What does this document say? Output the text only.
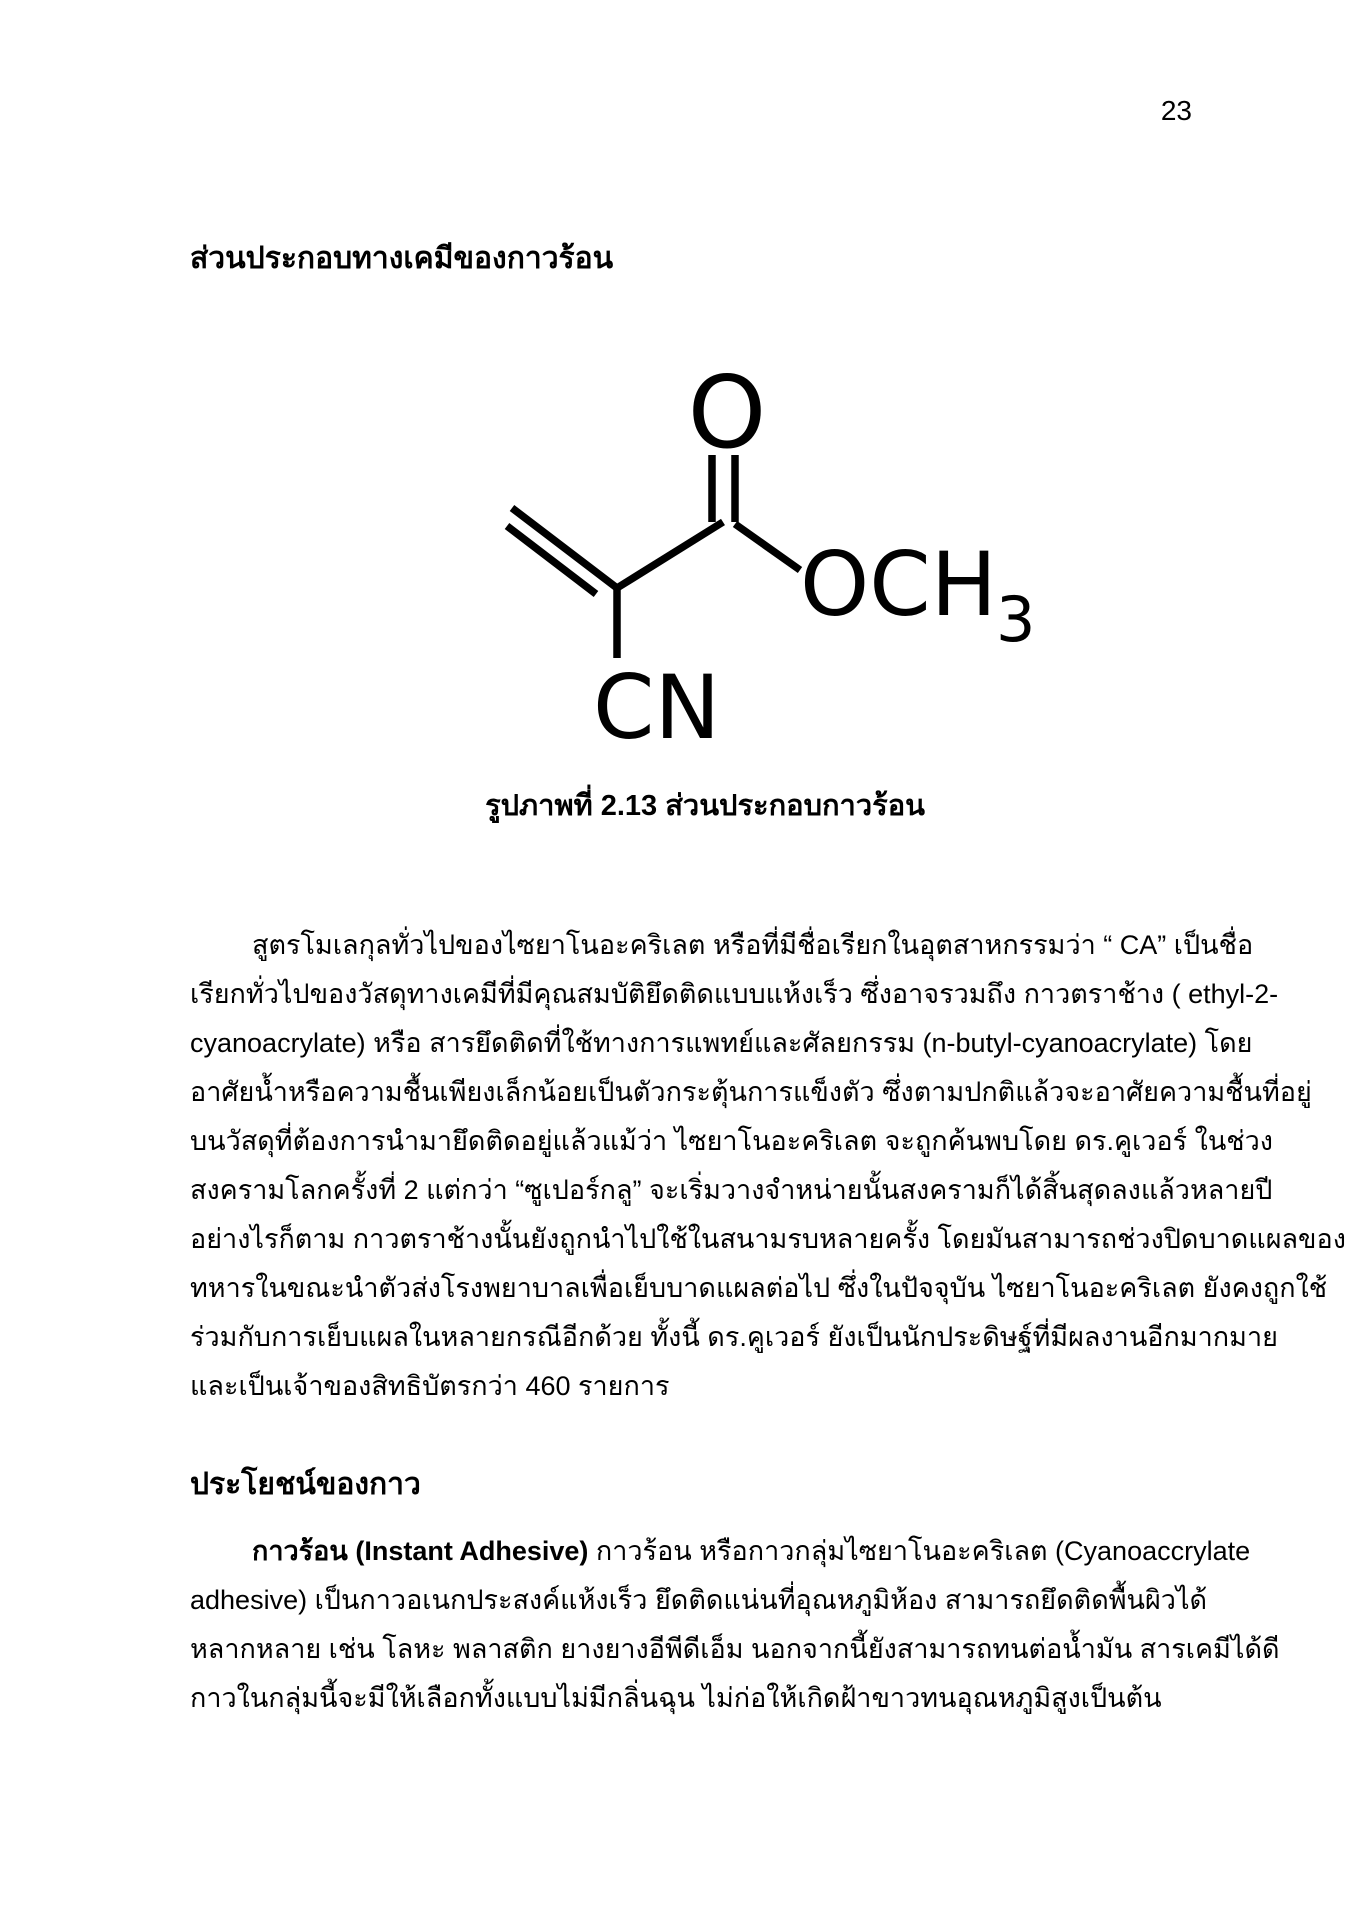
23
ส่วนประกอบทางเคมีของกาวร้อน
O
CN
OCH 3
รูปภาพที่ 2.13 ส่วนประกอบกาวร้อน
สูตรโมเลกุลทั่วไปของไซยาโนอะคริเลต หรือที่มีชื่อเรียกในอุตสาหกรรมว่า “ CA” เป็นชื่อ
เรียกทั่วไปของวัสดุทางเคมีที่มีคุณสมบัติยึดติดแบบแห้งเร็ว ซึ่งอาจรวมถึง กาวตราช้าง ( ethyl-2-
cyanoacrylate) หรือ สารยึดติดที่ใช้ทางการแพทย์และศัลยกรรม (n-butyl-cyanoacrylate) โดย
อาศัยน้ำหรือความชื้นเพียงเล็กน้อยเป็นตัวกระตุ้นการแข็งตัว ซึ่งตามปกติแล้วจะอาศัยความชื้นที่อยู่
บนวัสดุที่ต้องการนำมายึดติดอยู่แล้วแม้ว่า ไซยาโนอะคริเลต จะถูกค้นพบโดย ดร.คูเวอร์ ในช่วง
สงครามโลกครั้งที่ 2 แต่กว่า “ซูเปอร์กลู” จะเริ่มวางจำหน่ายนั้นสงครามก็ได้สิ้นสุดลงแล้วหลายปี
อย่างไรก็ตาม กาวตราช้างนั้นยังถูกนำไปใช้ในสนามรบหลายครั้ง โดยมันสามารถช่วงปิดบาดแผลของ
ทหารในขณะนำตัวส่งโรงพยาบาลเพื่อเย็บบาดแผลต่อไป ซึ่งในปัจจุบัน ไซยาโนอะคริเลต ยังคงถูกใช้
ร่วมกับการเย็บแผลในหลายกรณีอีกด้วย ทั้งนี้ ดร.คูเวอร์ ยังเป็นนักประดิษฐ์ที่มีผลงานอีกมากมาย
และเป็นเจ้าของสิทธิบัตรกว่า 460 รายการ
ประโยชน์ของกาว
กาวร้อน (Instant Adhesive) กาวร้อน หรือกาวกลุ่มไซยาโนอะคริเลต (Cyanoaccrylate
adhesive) เป็นกาวอเนกประสงค์แห้งเร็ว ยึดติดแน่นที่อุณหภูมิห้อง สามารถยึดติดพื้นผิวได้
หลากหลาย เช่น โลหะ พลาสติก ยางยางอีพีดีเอ็ม นอกจากนี้ยังสามารถทนต่อน้ำมัน สารเคมีได้ดี
กาวในกลุ่มนี้จะมีให้เลือกทั้งแบบไม่มีกลิ่นฉุน ไม่ก่อให้เกิดฝ้าขาวทนอุณหภูมิสูงเป็นต้น
